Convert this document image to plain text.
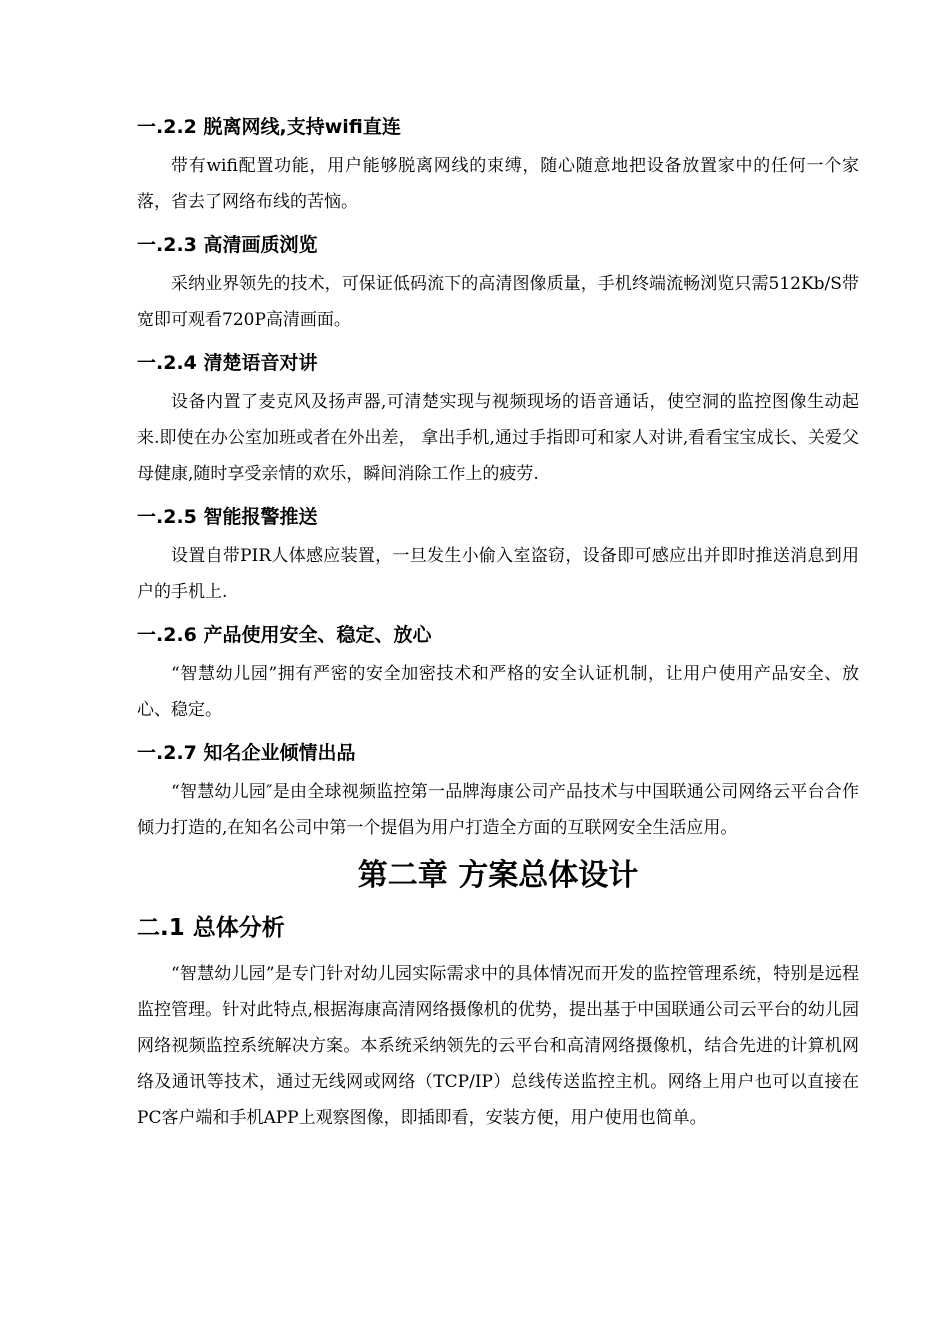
一.2.2 脱离网线,支持wifi直连

带有wifi配置功能，用户能够脱离网线的束缚，随心随意地把设备放置家中的任何一个家落，省去了网络布线的苦恼。

一.2.3 高清画质浏览

采纳业界领先的技术，可保证低码流下的高清图像质量，手机终端流畅浏览只需512Kb/S带宽即可观看720P高清画面。

一.2.4 清楚语音对讲

设备内置了麦克风及扬声器,可清楚实现与视频现场的语音通话，使空洞的监控图像生动起来.即使在办公室加班或者在外出差， 拿出手机,通过手指即可和家人对讲,看看宝宝成长、关爱父母健康,随时享受亲情的欢乐，瞬间消除工作上的疲劳.

一.2.5 智能报警推送

设置自带PIR人体感应装置，一旦发生小偷入室盗窃，设备即可感应出并即时推送消息到用户的手机上.

一.2.6 产品使用安全、稳定、放心

“智慧幼儿园”拥有严密的安全加密技术和严格的安全认证机制，让用户使用产品安全、放心、稳定。

一.2.7 知名企业倾情出品

“智慧幼儿园″是由全球视频监控第一品牌海康公司产品技术与中国联通公司网络云平台合作倾力打造的,在知名公司中第一个提倡为用户打造全方面的互联网安全生活应用。

第二章 方案总体设计
二.1 总体分析

“智慧幼儿园”是专门针对幼儿园实际需求中的具体情况而开发的监控管理系统，特别是远程监控管理。针对此特点,根据海康高清网络摄像机的优势，提出基于中国联通公司云平台的幼儿园网络视频监控系统解决方案。本系统采纳领先的云平台和高清网络摄像机，结合先进的计算机网络及通讯等技术，通过无线网或网络（TCP/IP）总线传送监控主机。网络上用户也可以直接在PC客户端和手机APP上观察图像，即插即看，安装方便，用户使用也简单。
